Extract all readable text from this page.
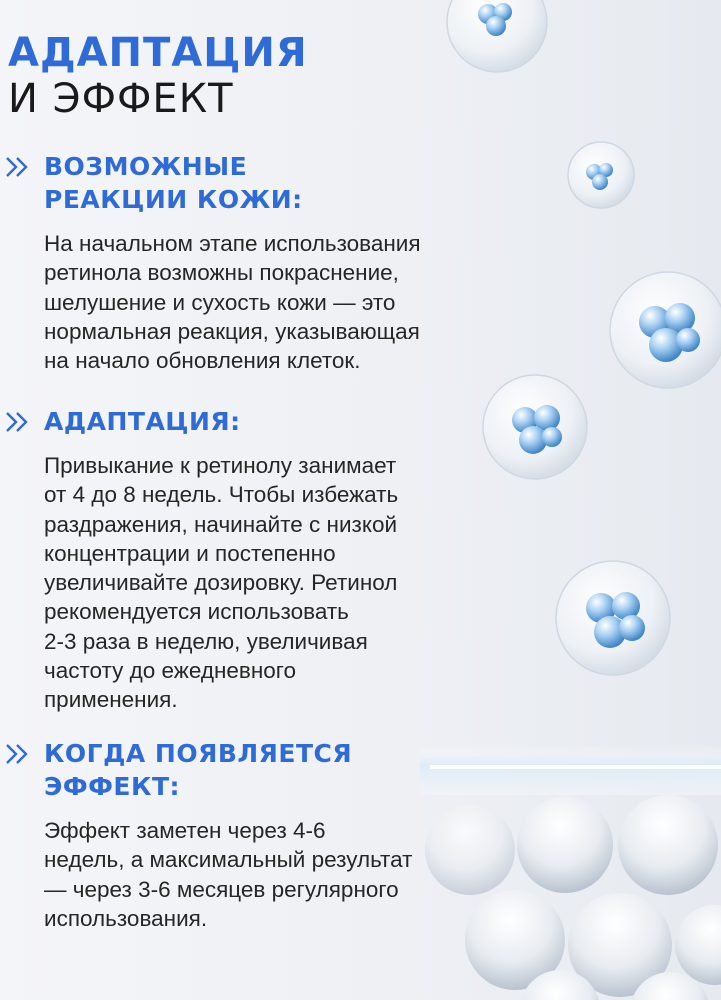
АДАПТАЦИЯ
И ЭФФЕКТ
ВОЗМОЖНЫЕ
РЕАКЦИИ КОЖИ:

На начальном этапе использования
ретинола возможны покраснение,
шелушение и сухость кожи — это
нормальная реакция, указывающая
на начало обновления клеток.

АДАПТАЦИЯ:

Привыкание к ретинолу занимает
от 4 до 8 недель. Чтобы избежать
раздражения, начинайте с низкой
концентрации и постепенно
увеличивайте дозировку. Ретинол
рекомендуется использовать
2-3 раза в неделю, увеличивая
частоту до ежедневного
применения.

КОГДА ПОЯВЛЯЕТСЯ
ЭФФЕКТ:

Эффект заметен через 4-6
недель, а максимальный результат
— через 3-6 месяцев регулярного
использования.
